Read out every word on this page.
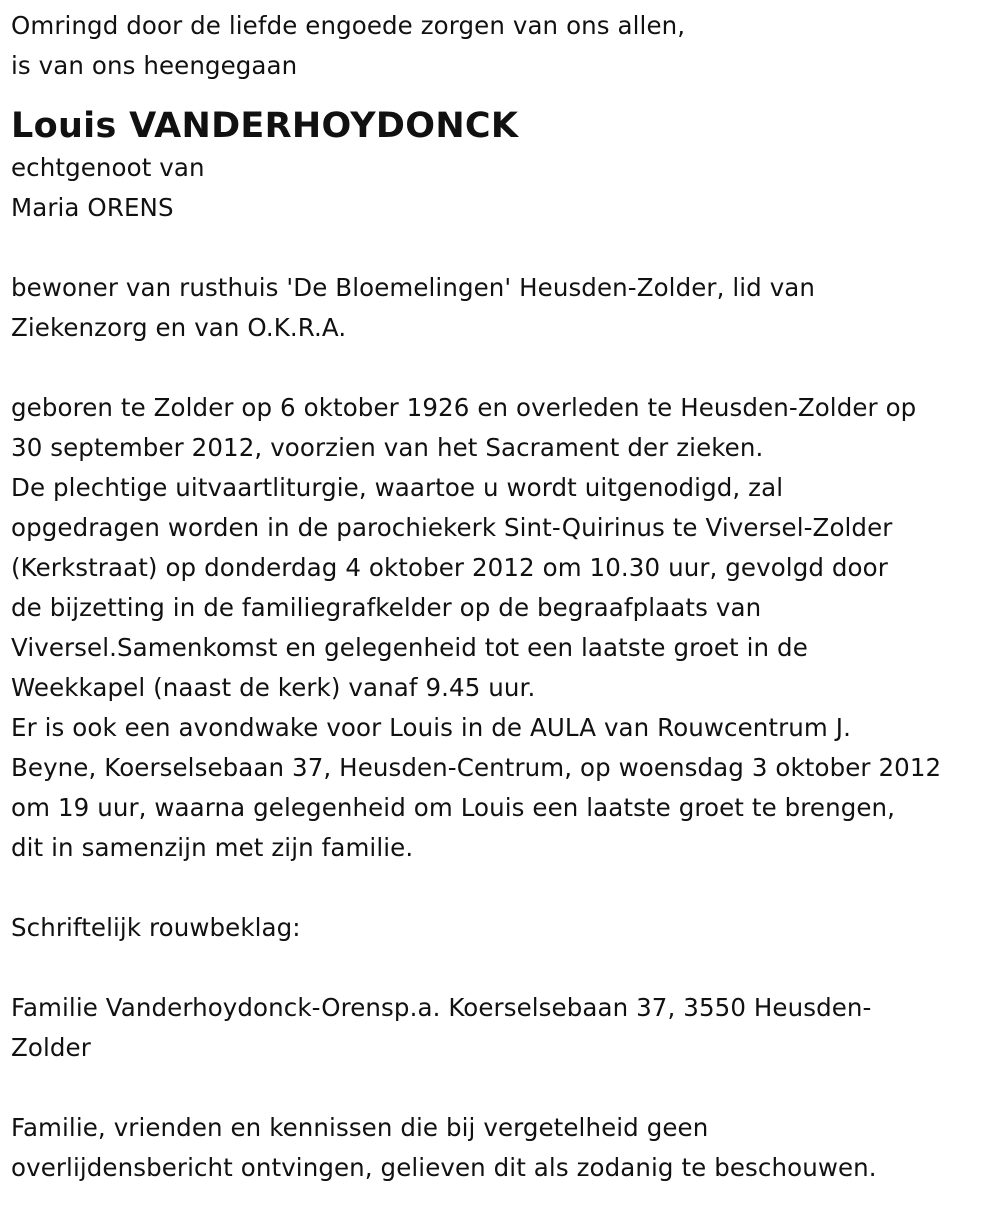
Omringd door de liefde engoede zorgen van ons allen,
is van ons heengegaan
Louis VANDERHOYDONCK
echtgenoot van
Maria ORENS
bewoner van rusthuis 'De Bloemelingen' Heusden-Zolder, lid van
Ziekenzorg en van O.K.R.A.
geboren te Zolder op 6 oktober 1926 en overleden te Heusden-Zolder op
30 september 2012, voorzien van het Sacrament der zieken.
De plechtige uitvaartliturgie, waartoe u wordt uitgenodigd, zal
opgedragen worden in de parochiekerk Sint-Quirinus te Viversel-Zolder
(Kerkstraat) op donderdag 4 oktober 2012 om 10.30 uur, gevolgd door
de bijzetting in de familiegrafkelder op de begraafplaats van
Viversel.Samenkomst en gelegenheid tot een laatste groet in de
Weekkapel (naast de kerk) vanaf 9.45 uur.
Er is ook een avondwake voor Louis in de AULA van Rouwcentrum J.
Beyne, Koerselsebaan 37, Heusden-Centrum, op woensdag 3 oktober 2012
om 19 uur, waarna gelegenheid om Louis een laatste groet te brengen,
dit in samenzijn met zijn familie.
Schriftelijk rouwbeklag:
Familie Vanderhoydonck-Orensp.a. Koerselsebaan 37, 3550 Heusden-
Zolder
Familie, vrienden en kennissen die bij vergetelheid geen
overlijdensbericht ontvingen, gelieven dit als zodanig te beschouwen.
